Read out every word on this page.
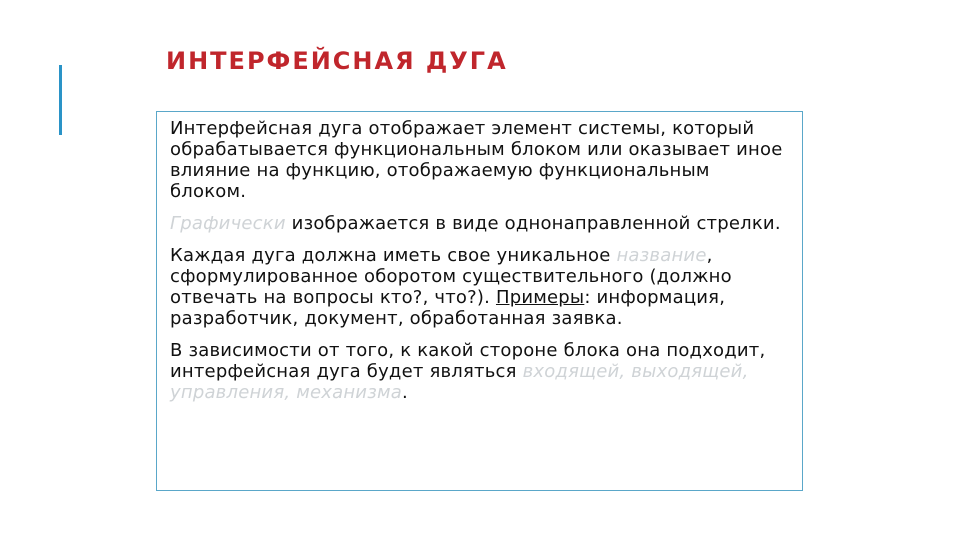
ИНТЕРФЕЙСНАЯ ДУГА

Интерфейсная дуга отображает элемент системы, который обрабатывается функциональным блоком или оказывает иное влияние на функцию, отображаемую функциональным блоком.

Графически изображается в виде однонаправленной стрелки.

Каждая дуга должна иметь свое уникальное название, сформулированное оборотом существительного (должно отвечать на вопросы кто?, что?). Примеры: информация, разработчик, документ, обработанная заявка.

В зависимости от того, к какой стороне блока она подходит, интерфейсная дуга будет являться входящей, выходящей, управления, механизма.
